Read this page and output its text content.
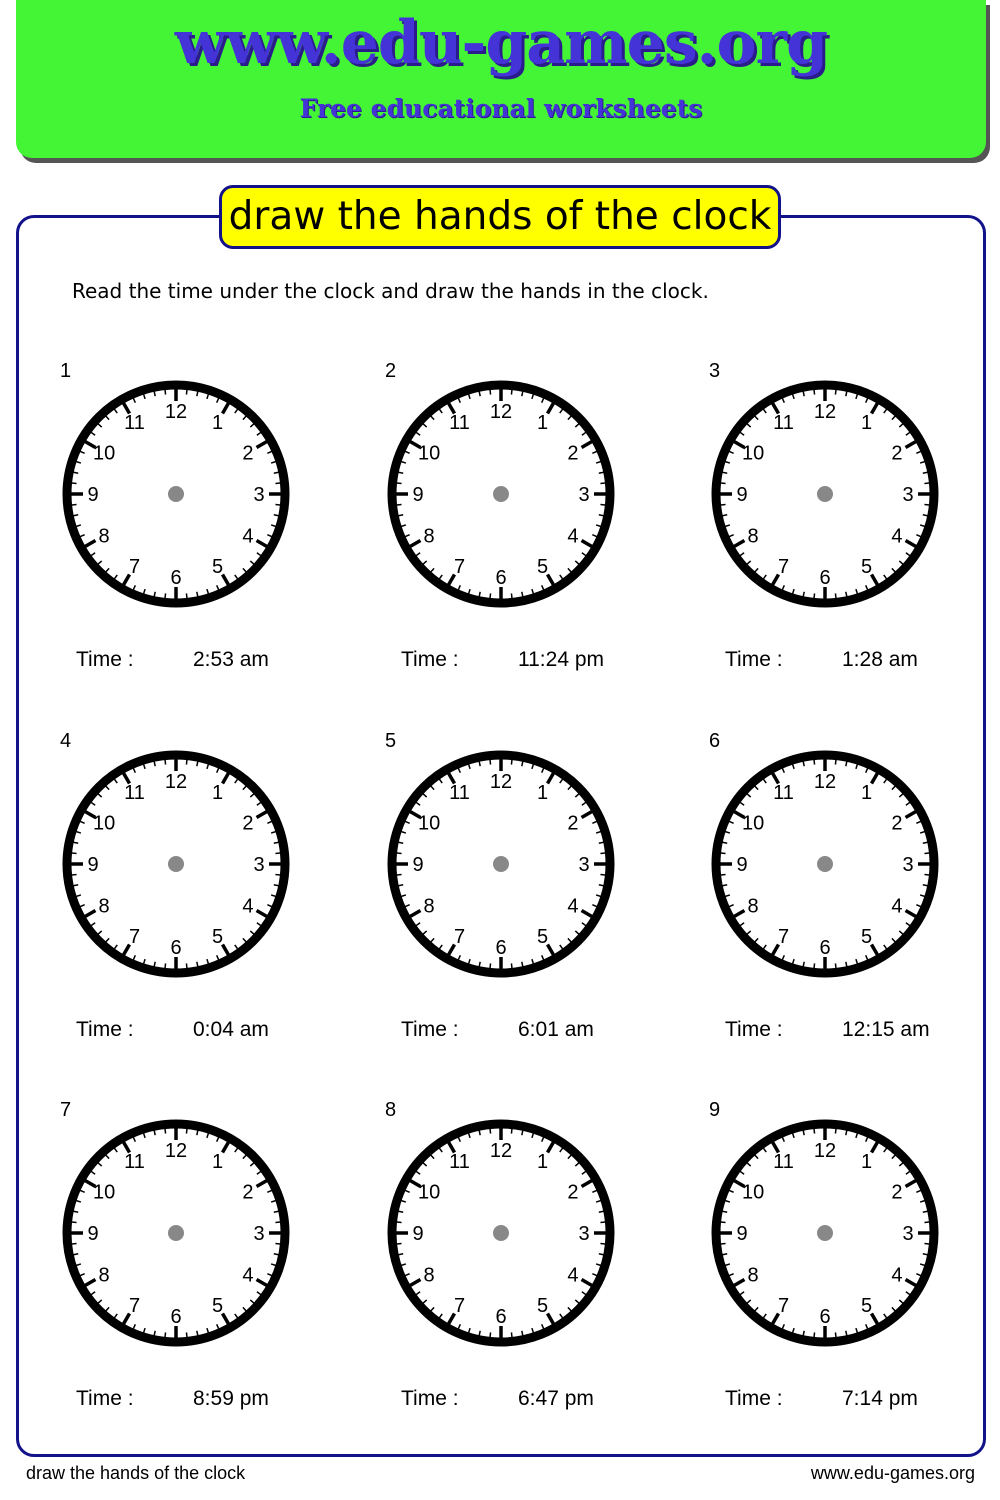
www.edu-games.org
Free educational worksheets
draw the hands of the clock
Read the time under the clock and draw the hands in the clock.
1
Time :	2:53 am
12
1
2
3
4
5
6
7
8
9
10
11
2
Time :	11:24 pm
12
1
2
3
4
5
6
7
8
9
10
11
3
Time :	1:28 am
12
1
2
3
4
5
6
7
8
9
10
11
4
Time :	0:04 am
12
1
2
3
4
5
6
7
8
9
10
11
5
Time :	6:01 am
12
1
2
3
4
5
6
7
8
9
10
11
6
Time :	12:15 am
12
1
2
3
4
5
6
7
8
9
10
11
7
Time :	8:59 pm
12
1
2
3
4
5
6
7
8
9
10
11
8
Time :	6:47 pm
12
1
2
3
4
5
6
7
8
9
10
11
9
Time :	7:14 pm
12
1
2
3
4
5
6
7
8
9
10
11
draw the hands of the clock	www.edu-games.org
